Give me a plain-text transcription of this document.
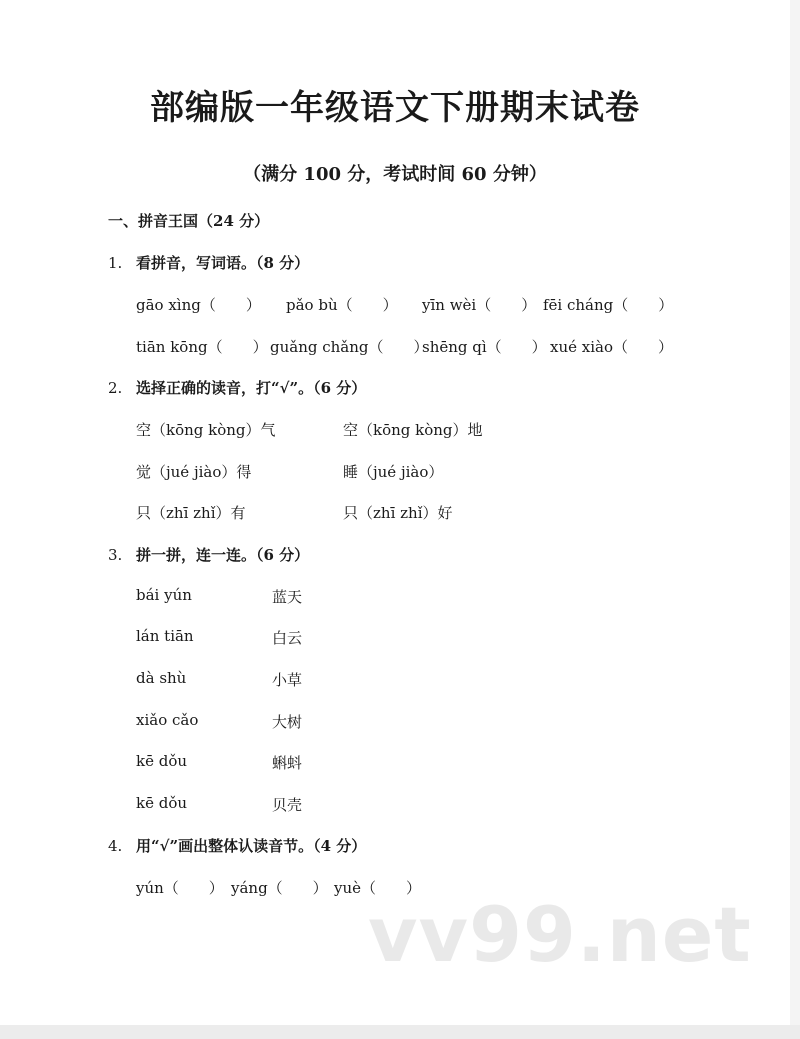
部编版一年级语文下册期末试卷
（满分 100 分，考试时间 60 分钟）
一、拼音王国（24 分）
1. 看拼音，写词语。（8 分）
gāo xìng（　　） pǎo bù（　　） yīn wèi（　　） fēi cháng（　　）
tiān kōng（　　） guǎng chǎng（　　）
shēng qì（　　） xué xiào（　　）
2. 选择正确的读音，打“√”。（6 分）
空（kōng kòng）气	空（kōng kòng）地
觉（jué jiào）得	睡（jué jiào）
只（zhī zhǐ）有	只（zhī zhǐ）好
3. 拼一拼，连一连。（6 分）
bái yún	蓝天
lán tiān	白云
dà shù	小草
xiǎo cǎo	大树
kē dǒu	蝌蚪
kē dǒu	贝壳
4. 用“√”画出整体认读音节。（4 分）
yún（　　） yáng（　　） yuè（　　）
vv99.net
